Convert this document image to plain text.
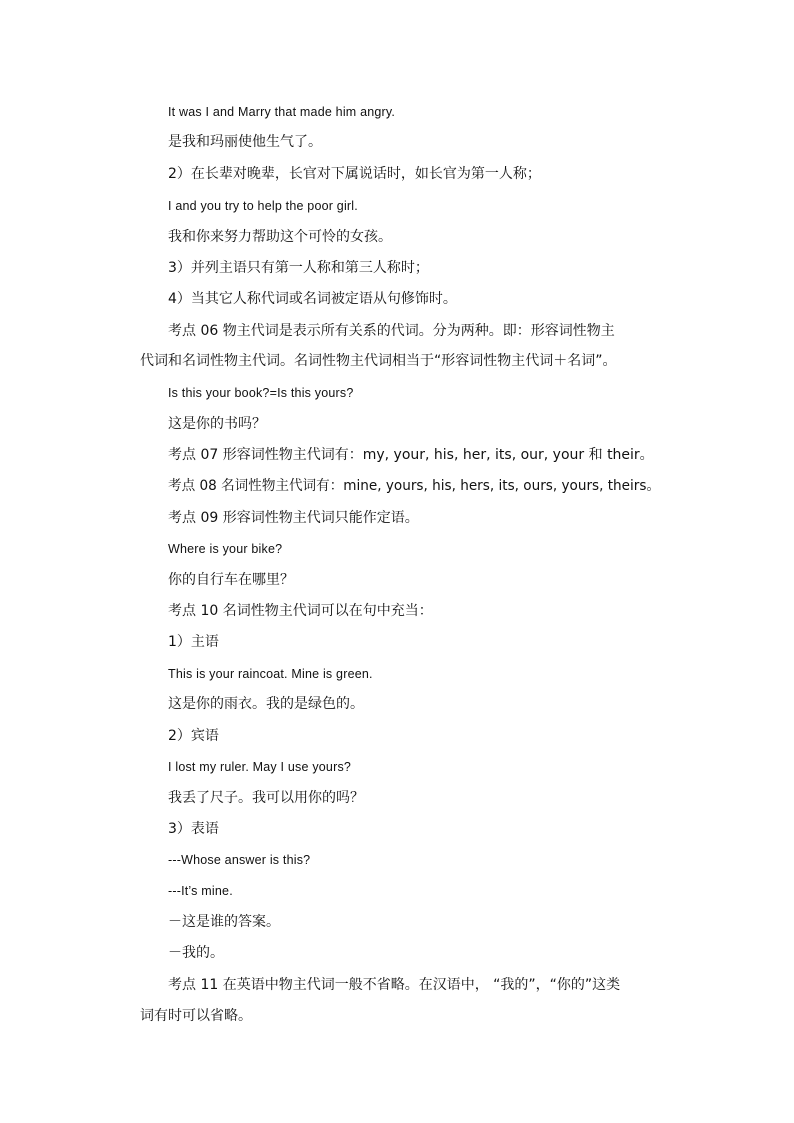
It was I and Marry that made him angry.
是我和玛丽使他生气了。
2）在长辈对晚辈，长官对下属说话时，如长官为第一人称；
I and you try to help the poor girl.
我和你来努力帮助这个可怜的女孩。
3）并列主语只有第一人称和第三人称时；
4）当其它人称代词或名词被定语从句修饰时。
考点 06 物主代词是表示所有关系的代词。分为两种。即：形容词性物主
代词和名词性物主代词。名词性物主代词相当于“形容词性物主代词＋名词”。
Is this your book?=Is this yours?
这是你的书吗？
考点 07 形容词性物主代词有：my, your, his, her, its, our, your 和 their。
考点 08 名词性物主代词有：mine, yours, his, hers, its, ours, yours, theirs。
考点 09 形容词性物主代词只能作定语。
Where is your bike?
你的自行车在哪里？
考点 10 名词性物主代词可以在句中充当：
1）主语
This is your raincoat. Mine is green.
这是你的雨衣。我的是绿色的。
2）宾语
I lost my ruler. May I use yours?
我丢了尺子。我可以用你的吗？
3）表语
---Whose answer is this?
---It’s mine.
－这是谁的答案。
－我的。
考点 11 在英语中物主代词一般不省略。在汉语中， “我的”，“你的”这类
词有时可以省略。
